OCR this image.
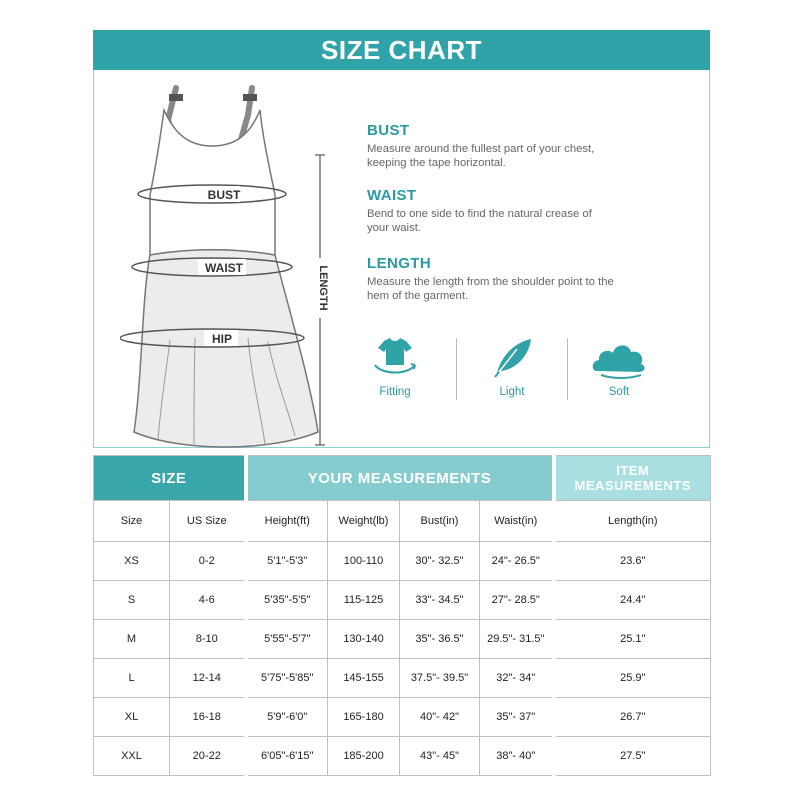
SIZE CHART
BUST
WAIST
HIP
LENGTH
BUST

Measure around the fullest part of your chest,
keeping the tape horizontal.

WAIST

Bend to one side to find the natural crease of
your waist.

LENGTH

Measure the length from the shoulder point to the
hem of the garment.

Fitting	Light	Soft
SIZE		YOUR MEASUREMENTS				ITEM
MEASUREMENTS
Size	US Size	Height(ft)	Weight(lb)	Bust(in)	Waist(in)	Length(in)
XS	0-2	5'1"-5'3"	100-110	30"- 32.5"	24"- 26.5"	23.6"
S	4-6	5'35"-5'5"	115-125	33"- 34.5"	27"- 28.5"	24.4"
M	8-10	5'55"-5'7"	130-140	35"- 36.5"	29.5"- 31.5"	25.1"
L	12-14	5'75"-5'85"	145-155	37.5"- 39.5"	32"- 34"	25.9"
XL	16-18	5'9"-6'0"	165-180	40"- 42"	35"- 37"	26.7"
XXL	20-22	6'05"-6'15"	185-200	43"- 45"	38"- 40"	27.5"
